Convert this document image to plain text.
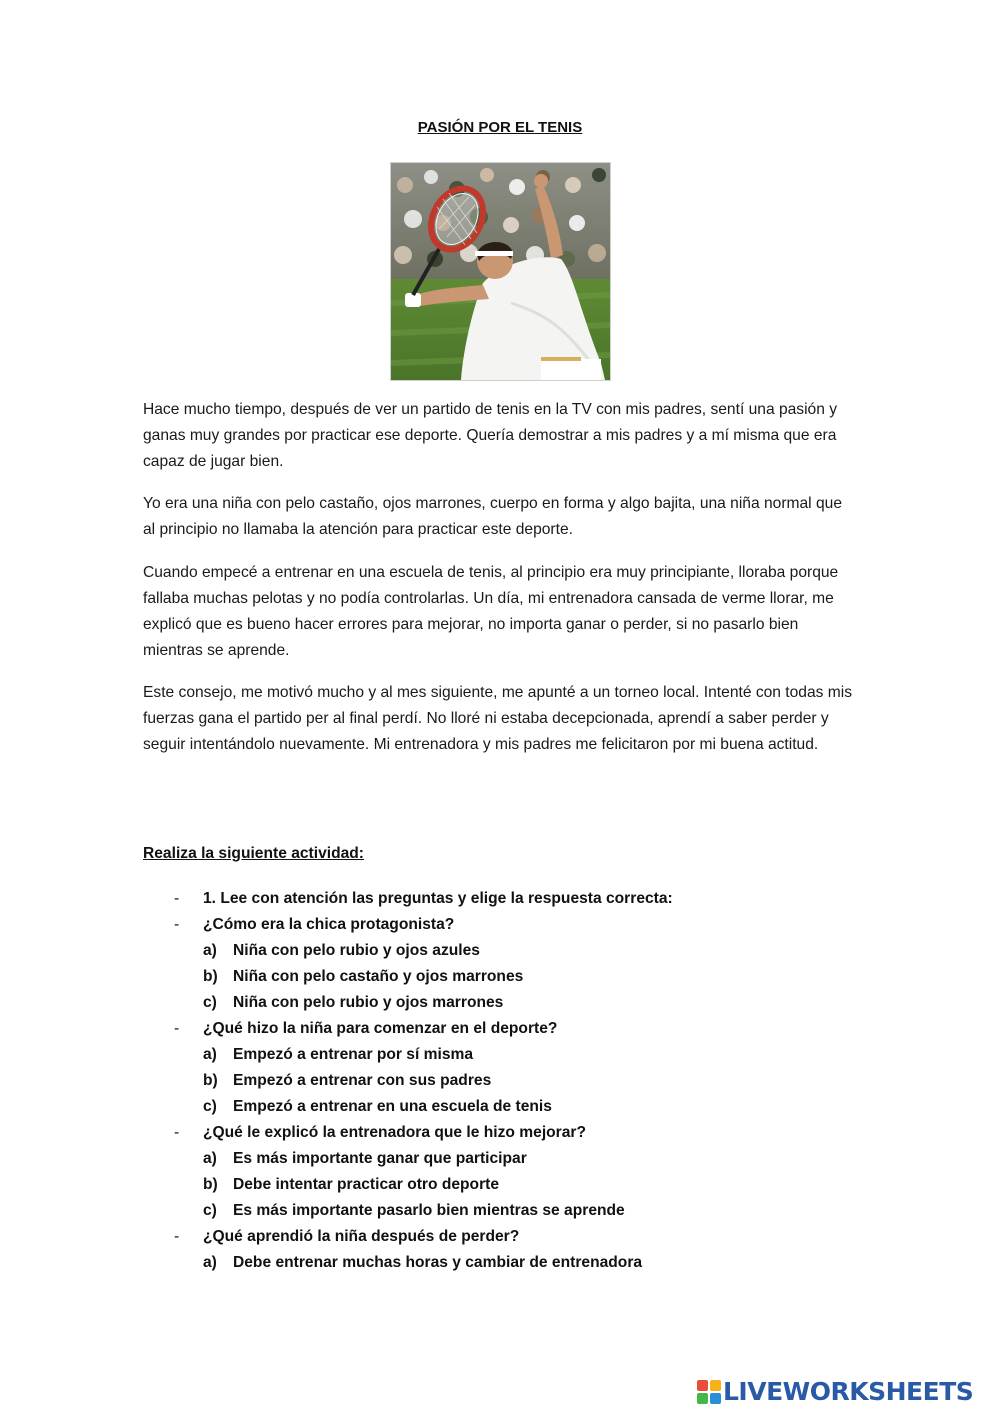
PASIÓN POR EL TENIS

Hace mucho tiempo, después de ver un partido de tenis en la TV con mis padres, sentí una pasión y ganas muy grandes por practicar ese deporte. Quería demostrar a mis padres y a mí misma que era capaz de jugar bien.

Yo era una niña con pelo castaño, ojos marrones, cuerpo en forma y algo bajita, una niña normal que al principio no llamaba la atención para practicar este deporte.

Cuando empecé a entrenar en una escuela de tenis, al principio era muy principiante, lloraba porque fallaba muchas pelotas y no podía controlarlas. Un día, mi entrenadora cansada de verme llorar, me explicó que es bueno hacer errores para mejorar, no importa ganar o perder, si no pasarlo bien mientras se aprende.

Este consejo, me motivó mucho y al mes siguiente, me apunté a un torneo local. Intenté con todas mis fuerzas gana el partido per al final perdí. No lloré ni estaba decepcionada, aprendí a saber perder y seguir intentándolo nuevamente. Mi entrenadora y mis padres me felicitaron por mi buena actitud.

Realiza la siguiente actividad:
- 1. Lee con atención las preguntas y elige la respuesta correcta:
- ¿Cómo era la chica protagonista?
a) Niña con pelo rubio y ojos azules
b) Niña con pelo castaño y ojos marrones
c) Niña con pelo rubio y ojos marrones
- ¿Qué hizo la niña para comenzar en el deporte?
a) Empezó a entrenar por sí misma
b) Empezó a entrenar con sus padres
c) Empezó a entrenar en una escuela de tenis
- ¿Qué le explicó la entrenadora que le hizo mejorar?
a) Es más importante ganar que participar
b) Debe intentar practicar otro deporte
c) Es más importante pasarlo bien mientras se aprende
- ¿Qué aprendió la niña después de perder?
a) Debe entrenar muchas horas y cambiar de entrenadora
LIVEWORKSHEETS
